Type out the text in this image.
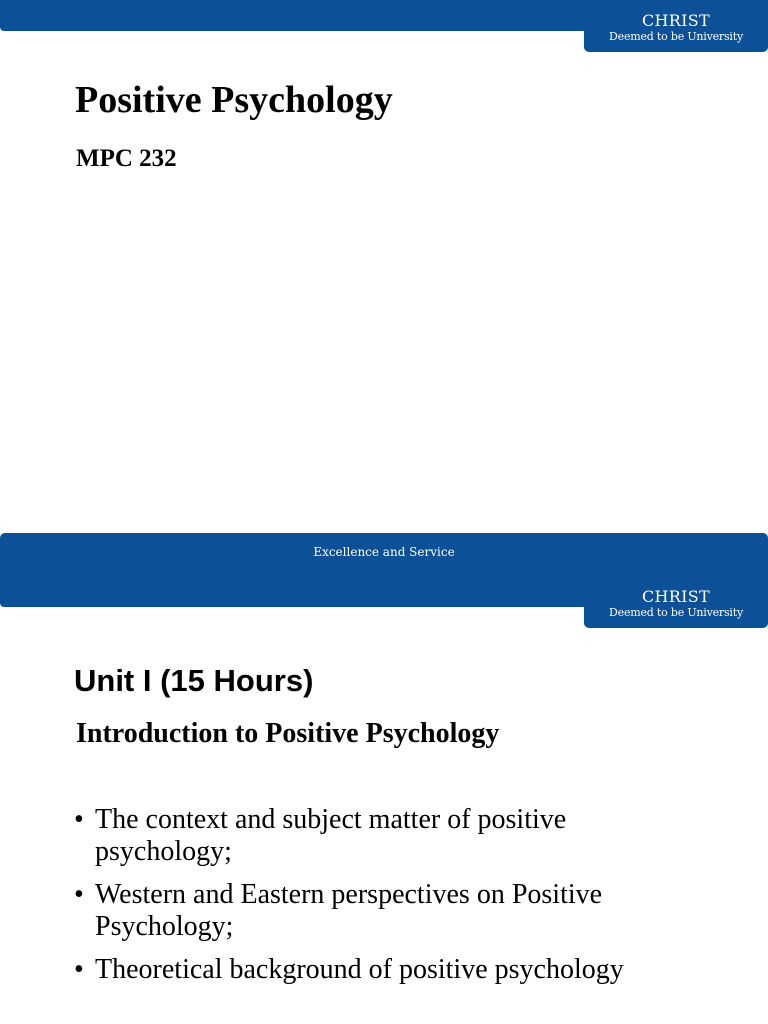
CHRIST
Deemed to be University
Positive Psychology
MPC 232
Excellence and Service
CHRIST
Deemed to be University
Unit I (15 Hours)
Introduction to Positive Psychology
• The context and subject matter of positive psychology;
• Western and Eastern perspectives on Positive Psychology;
• Theoretical background of positive psychology
